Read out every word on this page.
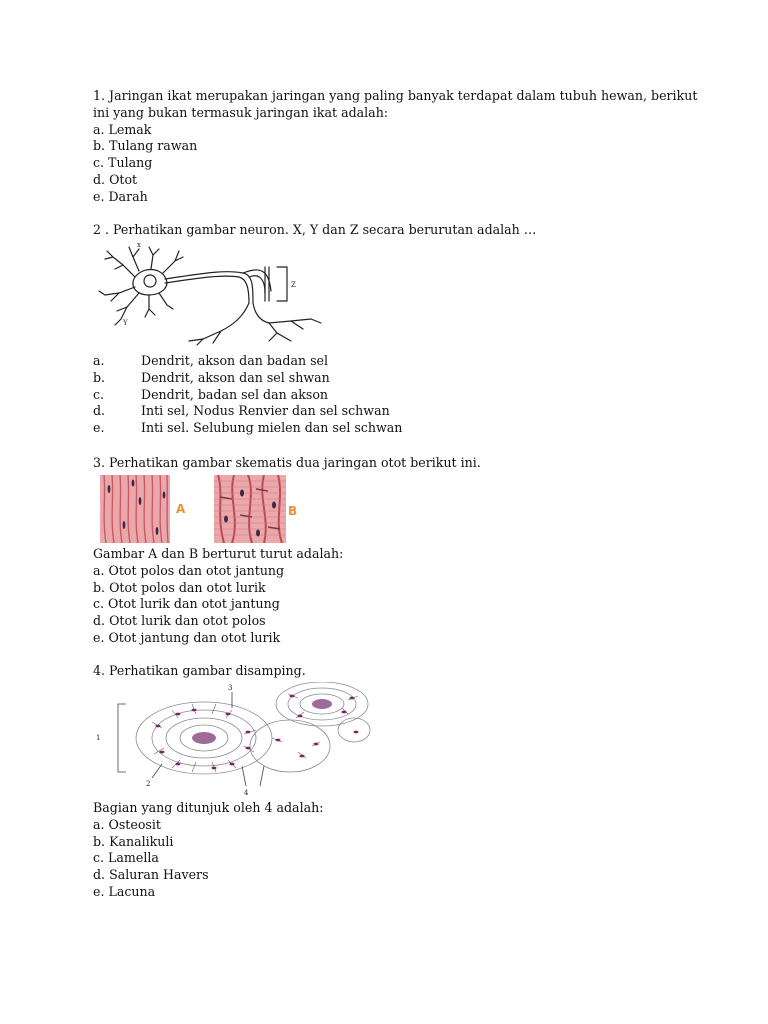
1. Jaringan ikat merupakan jaringan yang paling banyak terdapat dalam tubuh hewan, berikut
ini yang bukan termasuk jaringan ikat adalah:
a. Lemak
b. Tulang rawan
c. Tulang
d. Otot
e. Darah
2 . Perhatikan gambar neuron. X, Y dan Z secara berurutan adalah …
x
Y
Z
a.	Dendrit, akson dan badan sel
b.	Dendrit, akson dan sel shwan
c.	Dendrit, badan sel dan akson
d.	Inti sel, Nodus Renvier dan sel schwan
e.	Inti sel. Selubung mielen dan sel schwan
3. Perhatikan gambar skematis dua jaringan otot berikut ini.
A	B
Gambar A dan B berturut turut adalah:
a. Otot polos dan otot jantung
b. Otot polos dan otot lurik
c. Otot lurik dan otot jantung
d. Otot lurik dan otot polos
e. Otot jantung dan otot lurik
4. Perhatikan gambar disamping.
1
2
3
4
Bagian yang ditunjuk oleh 4 adalah:
a. Osteosit
b. Kanalikuli
c. Lamella
d. Saluran Havers
e. Lacuna
